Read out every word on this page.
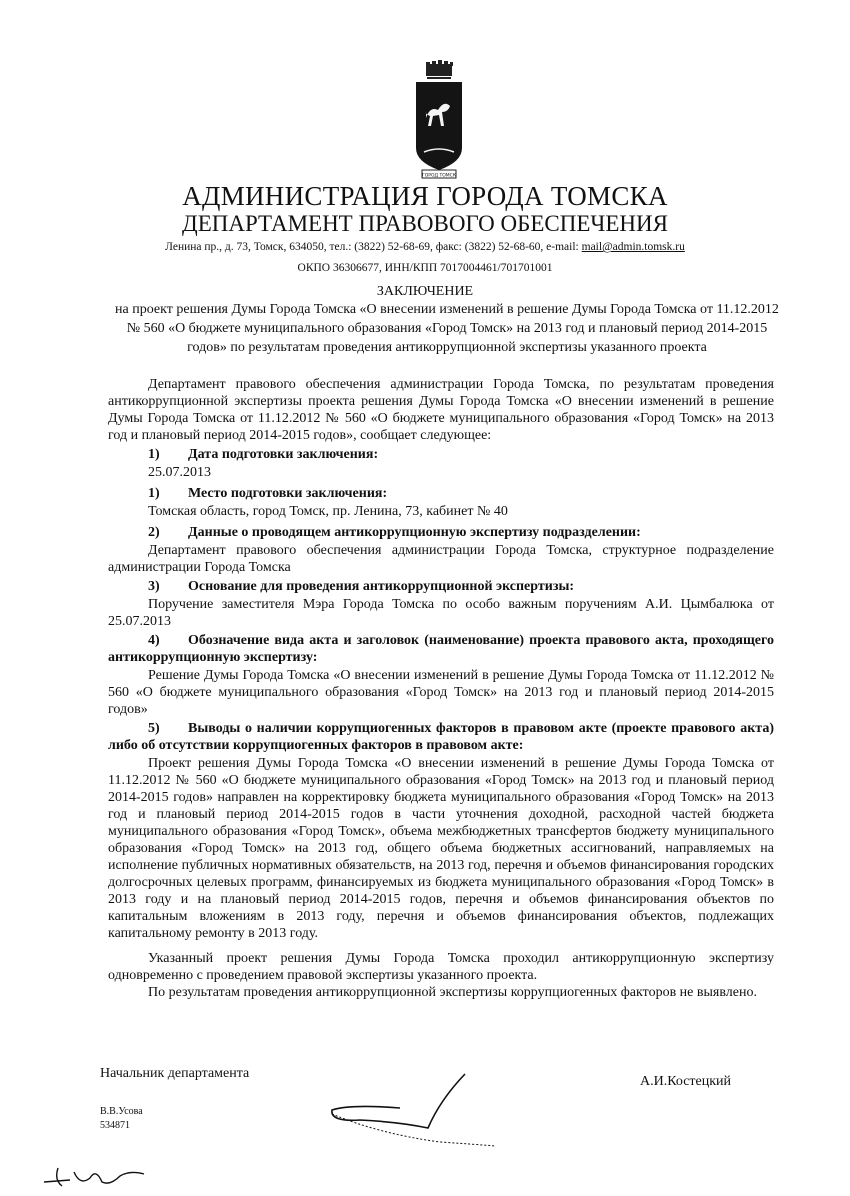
ГОРОД ТОМСК
АДМИНИСТРАЦИЯ ГОРОДА ТОМСКА
ДЕПАРТАМЕНТ ПРАВОВОГО ОБЕСПЕЧЕНИЯ
Ленина пр., д. 73, Томск, 634050, тел.: (3822) 52-68-69, факс: (3822) 52-68-60, e-mail: mail@admin.tomsk.ru
ОКПО 36306677, ИНН/КПП 7017004461/701701001
ЗАКЛЮЧЕНИЕ
на проект решения Думы Города Томска «О внесении изменений в решение Думы Города Томска от 11.12.2012 № 560 «О бюджете муниципального образования «Город Томск» на 2013 год и плановый период 2014-2015 годов» по результатам проведения антикоррупционной экспертизы указанного проекта

Департамент правового обеспечения администрации Города Томска, по результатам проведения антикоррупционной экспертизы проекта решения Думы Города Томска «О внесении изменений в решение Думы Города Томска от 11.12.2012 № 560 «О бюджете муниципального образования «Город Томск» на 2013 год и плановый период 2014-2015 годов», сообщает следующее:

1) Дата подготовки заключения:

25.07.2013

1) Место подготовки заключения:

Томская область, город Томск, пр. Ленина, 73, кабинет № 40

2) Данные о проводящем антикоррупционную экспертизу подразделении:

Департамент правового обеспечения администрации Города Томска, структурное подразделение администрации Города Томска

3) Основание для проведения антикоррупционной экспертизы:

Поручение заместителя Мэра Города Томска по особо важным поручениям А.И. Цымбалюка от 25.07.2013

4) Обозначение вида акта и заголовок (наименование) проекта правового акта, проходящего антикоррупционную экспертизу:

Решение Думы Города Томска «О внесении изменений в решение Думы Города Томска от 11.12.2012 № 560 «О бюджете муниципального образования «Город Томск» на 2013 год и плановый период 2014-2015 годов»

5) Выводы о наличии коррупциогенных факторов в правовом акте (проекте правового акта) либо об отсутствии коррупциогенных факторов в правовом акте:

Проект решения Думы Города Томска «О внесении изменений в решение Думы Города Томска от 11.12.2012 № 560 «О бюджете муниципального образования «Город Томск» на 2013 год и плановый период 2014-2015 годов» направлен на корректировку бюджета муниципального образования «Город Томск» на 2013 год и плановый период 2014-2015 годов в части уточнения доходной, расходной частей бюджета муниципального образования «Город Томск», объема межбюджетных трансфертов бюджету муниципального образования «Город Томск» на 2013 год, общего объема бюджетных ассигнований, направляемых на исполнение публичных нормативных обязательств, на 2013 год, перечня и объемов финансирования городских долгосрочных целевых программ, финансируемых из бюджета муниципального образования «Город Томск» в 2013 году и на плановый период 2014-2015 годов, перечня и объемов финансирования объектов по капитальным вложениям в 2013 году, перечня и объемов финансирования объектов, подлежащих капитальному ремонту в 2013 году.

Указанный проект решения Думы Города Томска проходил антикоррупционную экспертизу одновременно с проведением правовой экспертизы указанного проекта.

По результатам проведения антикоррупционной экспертизы коррупциогенных факторов не выявлено.

Начальник департамента
А.И.Костецкий
В.В.Усова
534871
